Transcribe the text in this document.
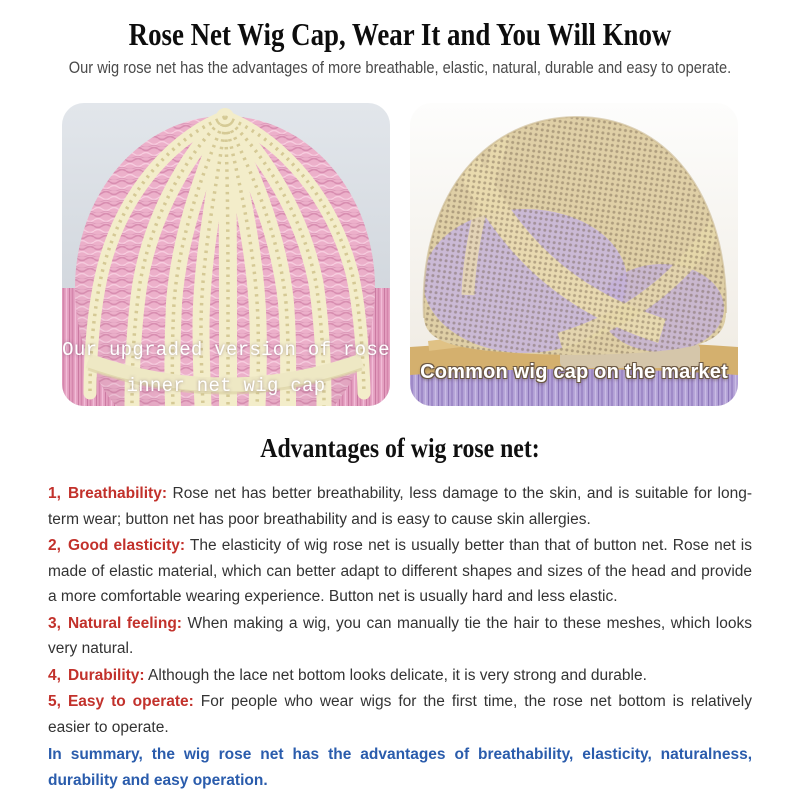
Rose Net Wig Cap, Wear It and You Will Know
Our wig rose net has the advantages of more breathable, elastic, natural, durable and easy to operate.
Our upgraded version of rose
inner net wig cap
Common wig cap on the market
Advantages of wig rose net:

1, Breathability: Rose net has better breathability, less damage to the skin, and is suitable for long-term wear; button net has poor breathability and is easy to cause skin allergies.

2, Good elasticity: The elasticity of wig rose net is usually better than that of button net. Rose net is made of elastic material, which can better adapt to different shapes and sizes of the head and provide a more comfortable wearing experience. Button net is usually hard and less elastic.

3, Natural feeling: When making a wig, you can manually tie the hair to these meshes, which looks very natural.

4, Durability: Although the lace net bottom looks delicate, it is very strong and durable.

5, Easy to operate: For people who wear wigs for the first time, the rose net bottom is relatively easier to operate.

In summary, the wig rose net has the advantages of breathability, elasticity, naturalness, durability and easy operation.
